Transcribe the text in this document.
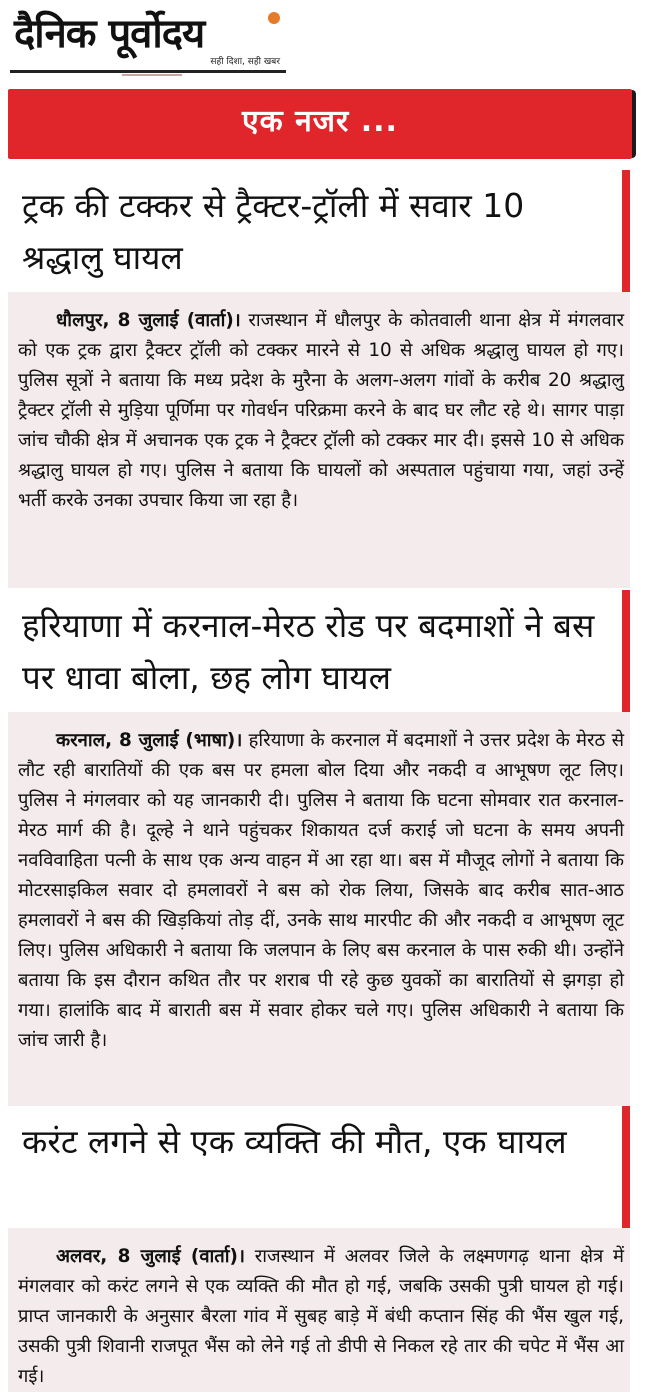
दैनिक पूर्वोदय
सही दिशा, सही खबर
एक नजर ...
ट्रक की टक्कर से ट्रैक्टर-ट्रॉली में सवार 10 श्रद्धालु घायल
धौलपुर, 8 जुलाई (वार्ता)। राजस्थान में धौलपुर के कोतवाली थाना क्षेत्र में मंगलवार को एक ट्रक द्वारा ट्रैक्टर ट्रॉली को टक्कर मारने से 10 से अधिक श्रद्धालु घायल हो गए। पुलिस सूत्रों ने बताया कि मध्य प्रदेश के मुरैना के अलग-अलग गांवों के करीब 20 श्रद्धालु ट्रैक्टर ट्रॉली से मुड़िया पूर्णिमा पर गोवर्धन परिक्रमा करने के बाद घर लौट रहे थे। सागर पाड़ा जांच चौकी क्षेत्र में अचानक एक ट्रक ने ट्रैक्टर ट्रॉली को टक्कर मार दी। इससे 10 से अधिक श्रद्धालु घायल हो गए। पुलिस ने बताया कि घायलों को अस्पताल पहुंचाया गया, जहां उन्हें भर्ती करके उनका उपचार किया जा रहा है।
हरियाणा में करनाल-मेरठ रोड पर बदमाशों ने बस पर धावा बोला, छह लोग घायल
करनाल, 8 जुलाई (भाषा)। हरियाणा के करनाल में बदमाशों ने उत्तर प्रदेश के मेरठ से लौट रही बारातियों की एक बस पर हमला बोल दिया और नकदी व आभूषण लूट लिए। पुलिस ने मंगलवार को यह जानकारी दी। पुलिस ने बताया कि घटना सोमवार रात करनाल-मेरठ मार्ग की है। दूल्हे ने थाने पहुंचकर शिकायत दर्ज कराई जो घटना के समय अपनी नवविवाहिता पत्नी के साथ एक अन्य वाहन में आ रहा था। बस में मौजूद लोगों ने बताया कि मोटरसाइकिल सवार दो हमलावरों ने बस को रोक लिया, जिसके बाद करीब सात-आठ हमलावरों ने बस की खिड़कियां तोड़ दीं, उनके साथ मारपीट की और नकदी व आभूषण लूट लिए। पुलिस अधिकारी ने बताया कि जलपान के लिए बस करनाल के पास रुकी थी। उन्होंने बताया कि इस दौरान कथित तौर पर शराब पी रहे कुछ युवकों का बारातियों से झगड़ा हो गया। हालांकि बाद में बाराती बस में सवार होकर चले गए। पुलिस अधिकारी ने बताया कि जांच जारी है।
करंट लगने से एक व्यक्ति की मौत, एक घायल
अलवर, 8 जुलाई (वार्ता)। राजस्थान में अलवर जिले के लक्ष्मणगढ़ थाना क्षेत्र में मंगलवार को करंट लगने से एक व्यक्ति की मौत हो गई, जबकि उसकी पुत्री घायल हो गई। प्राप्त जानकारी के अनुसार बैरला गांव में सुबह बाड़े में बंधी कप्तान सिंह की भैंस खुल गई, उसकी पुत्री शिवानी राजपूत भैंस को लेने गई तो डीपी से निकल रहे तार की चपेट में भैंस आ गई।
